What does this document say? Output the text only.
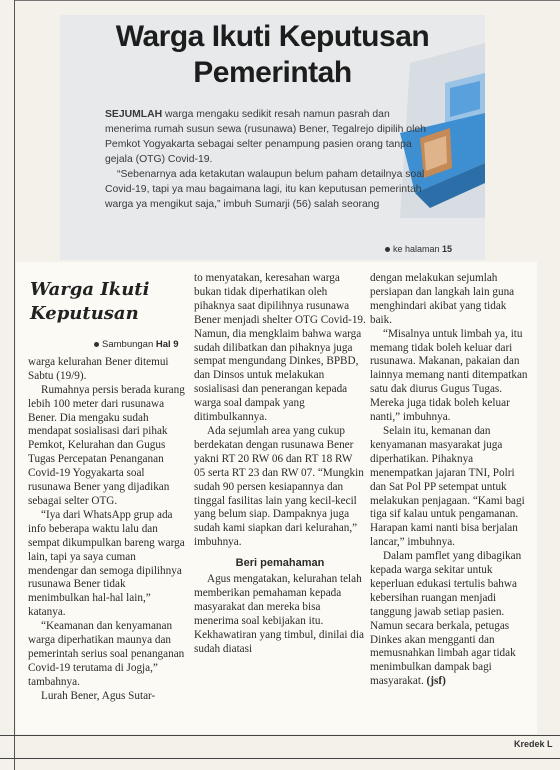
Warga Ikuti Keputusan
Pemerintah

SEJUMLAH warga mengaku sedikit resah namun pasrah dan menerima rumah susun sewa (rusunawa) Bener, Tegalrejo dipilih oleh Pemkot Yogyakarta sebagai selter penampung pasien orang tanpa gejala (OTG) Covid-19.

“Sebenarnya ada ketakutan walaupun belum paham detailnya soal Covid-19, tapi ya mau bagaimana lagi, itu kan keputusan pemerintah warga ya mengikut saja,” imbuh Sumarji (56) salah seorang

ke halaman 15
Warga Ikuti
Keputusan
Sambungan Hal 9

warga kelurahan Bener ditemui Sabtu (19/9).

Rumahnya persis berada kurang lebih 100 meter dari rusunawa Bener. Dia mengaku sudah mendapat sosialisasi dari pihak Pemkot, Kelurahan dan Gugus Tugas Percepatan Penanganan Covid-19 Yogyakarta soal rusunawa Bener yang dijadikan sebagai selter OTG.

“Iya dari WhatsApp grup ada info beberapa waktu lalu dan sempat dikumpulkan bareng warga lain, tapi ya saya cuman mendengar dan semoga dipilihnya rusunawa Bener tidak menimbulkan hal-hal lain,” katanya.

“Keamanan dan kenyamanan warga diperhatikan maunya dan pemerintah serius soal penanganan Covid-19 terutama di Jogja,” tambahnya.

Lurah Bener, Agus Sutar-

to menyatakan, keresahan warga bukan tidak diperhatikan oleh pihaknya saat dipilihnya rusunawa Bener menjadi shelter OTG Covid-19. Namun, dia mengklaim bahwa warga sudah dilibatkan dan pihaknya juga sempat mengundang Dinkes, BPBD, dan Dinsos untuk melakukan sosialisasi dan penerangan kepada warga soal dampak yang ditimbulkannya.

Ada sejumlah area yang cukup berdekatan dengan rusunawa Bener yakni RT 20 RW 06 dan RT 18 RW 05 serta RT 23 dan RW 07. “Mungkin sudah 90 persen kesiapannya dan tinggal fasilitas lain yang kecil-kecil yang belum siap. Dampaknya juga sudah kami siapkan dari kelurahan,” imbuhnya.

Beri pemahaman

Agus mengatakan, kelurahan telah memberikan pemahaman kepada masyarakat dan mereka bisa menerima soal kebijakan itu. Kekhawatiran yang timbul, dinilai dia sudah diatasi

dengan melakukan sejumlah persiapan dan langkah lain guna menghindari akibat yang tidak baik.

“Misalnya untuk limbah ya, itu memang tidak boleh keluar dari rusunawa. Makanan, pakaian dan lainnya memang nanti ditempatkan satu dak diurus Gugus Tugas. Mereka juga tidak boleh keluar nanti,” imbuhnya.

Selain itu, kemanan dan kenyamanan masyarakat juga diperhatikan. Pihaknya menempatkan jajaran TNI, Polri dan Sat Pol PP setempat untuk melakukan penjagaan. “Kami bagi tiga sif kalau untuk pengamanan. Harapan kami nanti bisa berjalan lancar,” imbuhnya.

Dalam pamflet yang dibagikan kepada warga sekitar untuk keperluan edukasi tertulis bahwa kebersihan ruangan menjadi tanggung jawab setiap pasien. Namun secara berkala, petugas Dinkes akan mengganti dan memusnahkan limbah agar tidak menimbulkan dampak bagi masyarakat. (jsf)

Kredek L
